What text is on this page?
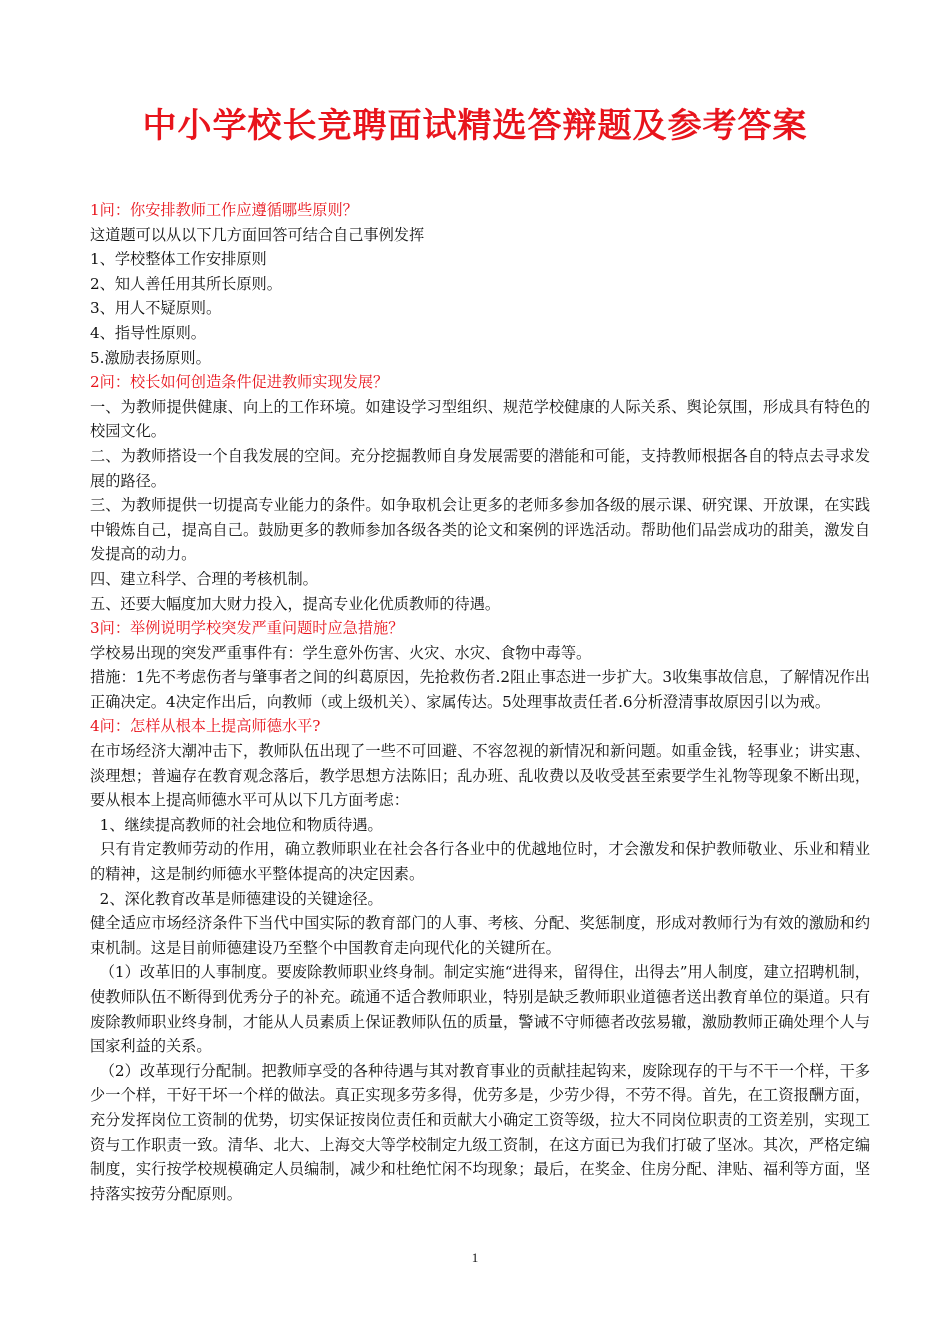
中小学校长竞聘面试精选答辩题及参考答案

1问：你安排教师工作应遵循哪些原则？

这道题可以从以下几方面回答可结合自己事例发挥

1、学校整体工作安排原则

2、知人善任用其所长原则。

3、用人不疑原则。

4、指导性原则。

5.激励表扬原则。

2问：校长如何创造条件促进教师实现发展？

一、为教师提供健康、向上的工作环境。如建设学习型组织、规范学校健康的人际关系、舆论氛围，形成具有特色的校园文化。

二、为教师搭设一个自我发展的空间。充分挖掘教师自身发展需要的潜能和可能，支持教师根据各自的特点去寻求发展的路径。

三、为教师提供一切提高专业能力的条件。如争取机会让更多的老师多参加各级的展示课、研究课、开放课，在实践中锻炼自己，提高自己。鼓励更多的教师参加各级各类的论文和案例的评选活动。帮助他们品尝成功的甜美，激发自发提高的动力。

四、建立科学、合理的考核机制。

五、还要大幅度加大财力投入，提高专业化优质教师的待遇。

3问：举例说明学校突发严重问题时应急措施？

学校易出现的突发严重事件有：学生意外伤害、火灾、水灾、食物中毒等。

措施：1先不考虑伤者与肇事者之间的纠葛原因，先抢救伤者.2阻止事态进一步扩大。3收集事故信息，了解情况作出正确决定。4决定作出后，向教师（或上级机关）、家属传达。5处理事故责任者.6分析澄清事故原因引以为戒。

4问：怎样从根本上提高师德水平?

在市场经济大潮冲击下，教师队伍出现了一些不可回避、不容忽视的新情况和新问题。如重金钱，轻事业；讲实惠、淡理想；普遍存在教育观念落后，教学思想方法陈旧；乱办班、乱收费以及收受甚至索要学生礼物等现象不断出现，要从根本上提高师德水平可从以下几方面考虑：

1、继续提高教师的社会地位和物质待遇。

只有肯定教师劳动的作用，确立教师职业在社会各行各业中的优越地位时，才会激发和保护教师敬业、乐业和精业的精神，这是制约师德水平整体提高的决定因素。

2、深化教育改革是师德建设的关键途径。

健全适应市场经济条件下当代中国实际的教育部门的人事、考核、分配、奖惩制度，形成对教师行为有效的激励和约束机制。这是目前师德建设乃至整个中国教育走向现代化的关键所在。

（1）改革旧的人事制度。要废除教师职业终身制。制定实施“进得来，留得住，出得去”用人制度，建立招聘机制，使教师队伍不断得到优秀分子的补充。疏通不适合教师职业，特别是缺乏教师职业道德者送出教育单位的渠道。只有废除教师职业终身制，才能从人员素质上保证教师队伍的质量，警诫不守师德者改弦易辙，激励教师正确处理个人与国家利益的关系。

（2）改革现行分配制。把教师享受的各种待遇与其对教育事业的贡献挂起钩来，废除现存的干与不干一个样，干多少一个样，干好干坏一个样的做法。真正实现多劳多得，优劳多是，少劳少得，不劳不得。首先，在工资报酬方面，充分发挥岗位工资制的优势，切实保证按岗位责任和贡献大小确定工资等级，拉大不同岗位职责的工资差别，实现工资与工作职责一致。清华、北大、上海交大等学校制定九级工资制，在这方面已为我们打破了坚冰。其次，严格定编制度，实行按学校规模确定人员编制，减少和杜绝忙闲不均现象；最后，在奖金、住房分配、津贴、福利等方面，坚持落实按劳分配原则。

1
